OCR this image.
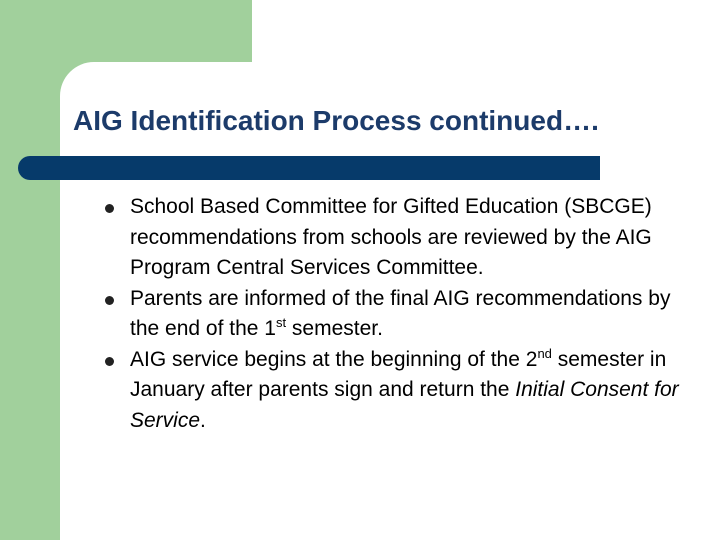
AIG Identification Process continued….
School Based Committee for Gifted Education (SBCGE) recommendations from schools are reviewed by the AIG Program Central Services Committee.
Parents are informed of the final AIG recommendations by the end of the 1st semester.
AIG service begins at the beginning of the 2nd semester in January after parents sign and return the Initial Consent for Service.
